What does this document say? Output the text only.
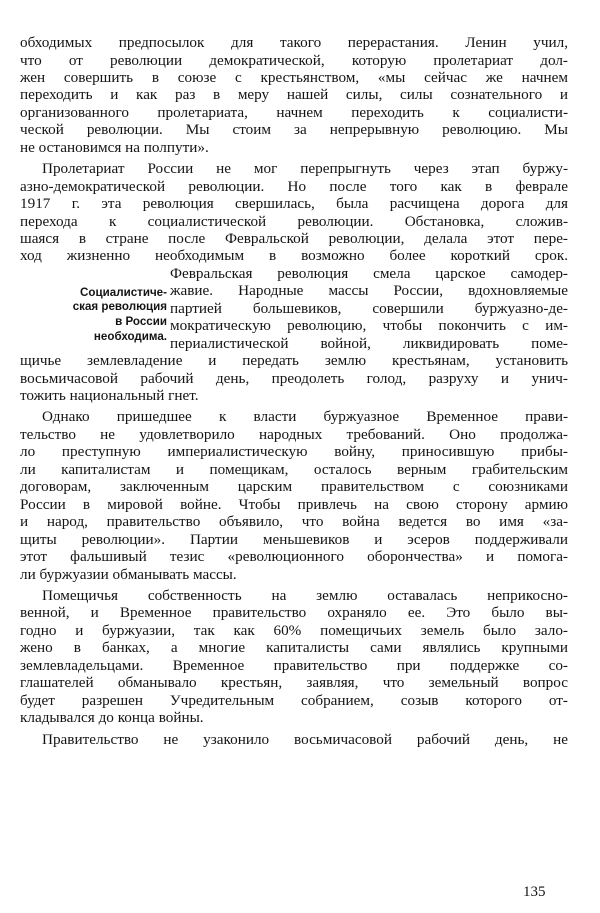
обходимых предпосылок для такого перерастания. Ленин учил,
что от революции демократической, которую пролетариат дол-
жен совершить в союзе с крестьянством, «мы сейчас же начнем
переходить и как раз в меру нашей силы, силы сознательного и
организованного пролетариата, начнем переходить к социалисти-
ческой революции. Мы стоим за непрерывную революцию. Мы
не остановимся на полпути».
Пролетариат России не мог перепрыгнуть через этап буржу-
азно-демократической революции. Но после того как в феврале
1917 г. эта революция свершилась, была расчищена дорога для
перехода к социалистической революции. Обстановка, сложив-
шаяся в стране после Февральской революции, делала этот пере-
ход жизненно необходимым в возможно более короткий срок.
Февральская революция смела царское самодер-
жавие. Народные массы России, вдохновляемые
партией большевиков, совершили буржуазно-де-
мократическую революцию, чтобы покончить с им-
периалистической войной, ликвидировать поме-
щичье землевладение и передать землю крестьянам, установить
восьмичасовой рабочий день, преодолеть голод, разруху и унич-
тожить национальный гнет.
Однако пришедшее к власти буржуазное Временное прави-
тельство не удовлетворило народных требований. Оно продолжа-
ло преступную империалистическую войну, приносившую прибы-
ли капиталистам и помещикам, осталось верным грабительским
договорам, заключенным царским правительством с союзниками
России в мировой войне. Чтобы привлечь на свою сторону армию
и народ, правительство объявило, что война ведется во имя «за-
щиты революции». Партии меньшевиков и эсеров поддерживали
этот фальшивый тезис «революционного оборончества» и помога-
ли буржуазии обманывать массы.
Помещичья собственность на землю оставалась неприкосно-
венной, и Временное правительство охраняло ее. Это было вы-
годно и буржуазии, так как 60% помещичьих земель было зало-
жено в банках, а многие капиталисты сами являлись крупными
землевладельцами. Временное правительство при поддержке со-
глашателей обманывало крестьян, заявляя, что земельный вопрос
будет разрешен Учредительным собранием, созыв которого от-
кладывался до конца войны.
Правительство не узаконило восьмичасовой рабочий день, не
Социалистиче-
ская революция
в России
необходима.
135
